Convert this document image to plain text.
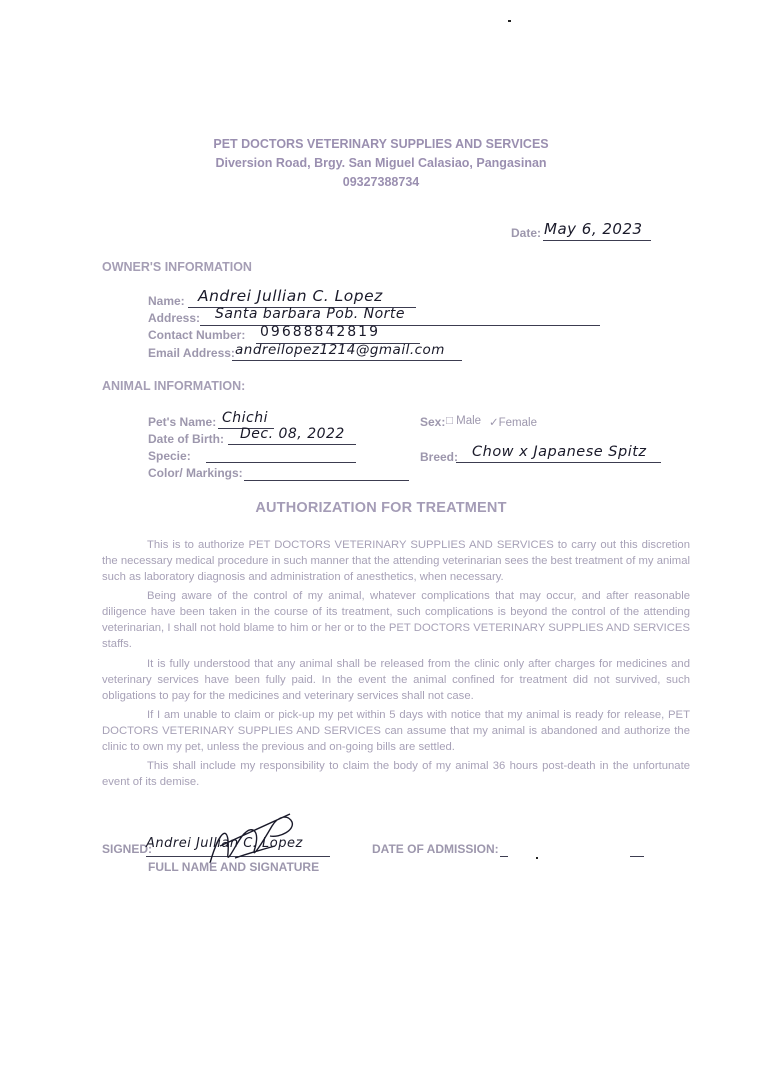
PET DOCTORS VETERINARY SUPPLIES AND SERVICES
Diversion Road, Brgy. San Miguel Calasiao, Pangasinan
09327388734
Date: May 6, 2023
OWNER'S INFORMATION
Name: Andrei Jullian C. Lopez
Address: Santa barbara Pob. Norte
Contact Number: 09688842819
Email Address: andreilopez1214@gmail.com
ANIMAL INFORMATION:
Pet's Name: Chichi
Date of Birth: Dec. 08, 2022
Specie:
Color/ Markings:
Sex: □ Male ✓Female
Breed: Chow x Japanese Spitz
AUTHORIZATION FOR TREATMENT
This is to authorize PET DOCTORS VETERINARY SUPPLIES AND SERVICES to carry out this discretion the necessary medical procedure in such manner that the attending veterinarian sees the best treatment of my animal such as laboratory diagnosis and administration of anesthetics, when necessary.
Being aware of the control of my animal, whatever complications that may occur, and after reasonable diligence have been taken in the course of its treatment, such complications is beyond the control of the attending veterinarian, I shall not hold blame to him or her or to the PET DOCTORS VETERINARY SUPPLIES AND SERVICES staffs.
It is fully understood that any animal shall be released from the clinic only after charges for medicines and veterinary services have been fully paid. In the event the animal confined for treatment did not survived, such obligations to pay for the medicines and veterinary services shall not case.
If I am unable to claim or pick-up my pet within 5 days with notice that my animal is ready for release, PET DOCTORS VETERINARY SUPPLIES AND SERVICES can assume that my animal is abandoned and authorize the clinic to own my pet, unless the previous and on-going bills are settled.
This shall include my responsibility to claim the body of my animal 36 hours post-death in the unfortunate event of its demise.
SIGNED:
Andrei Jullian C. Lopez
FULL NAME AND SIGNATURE
DATE OF ADMISSION:
